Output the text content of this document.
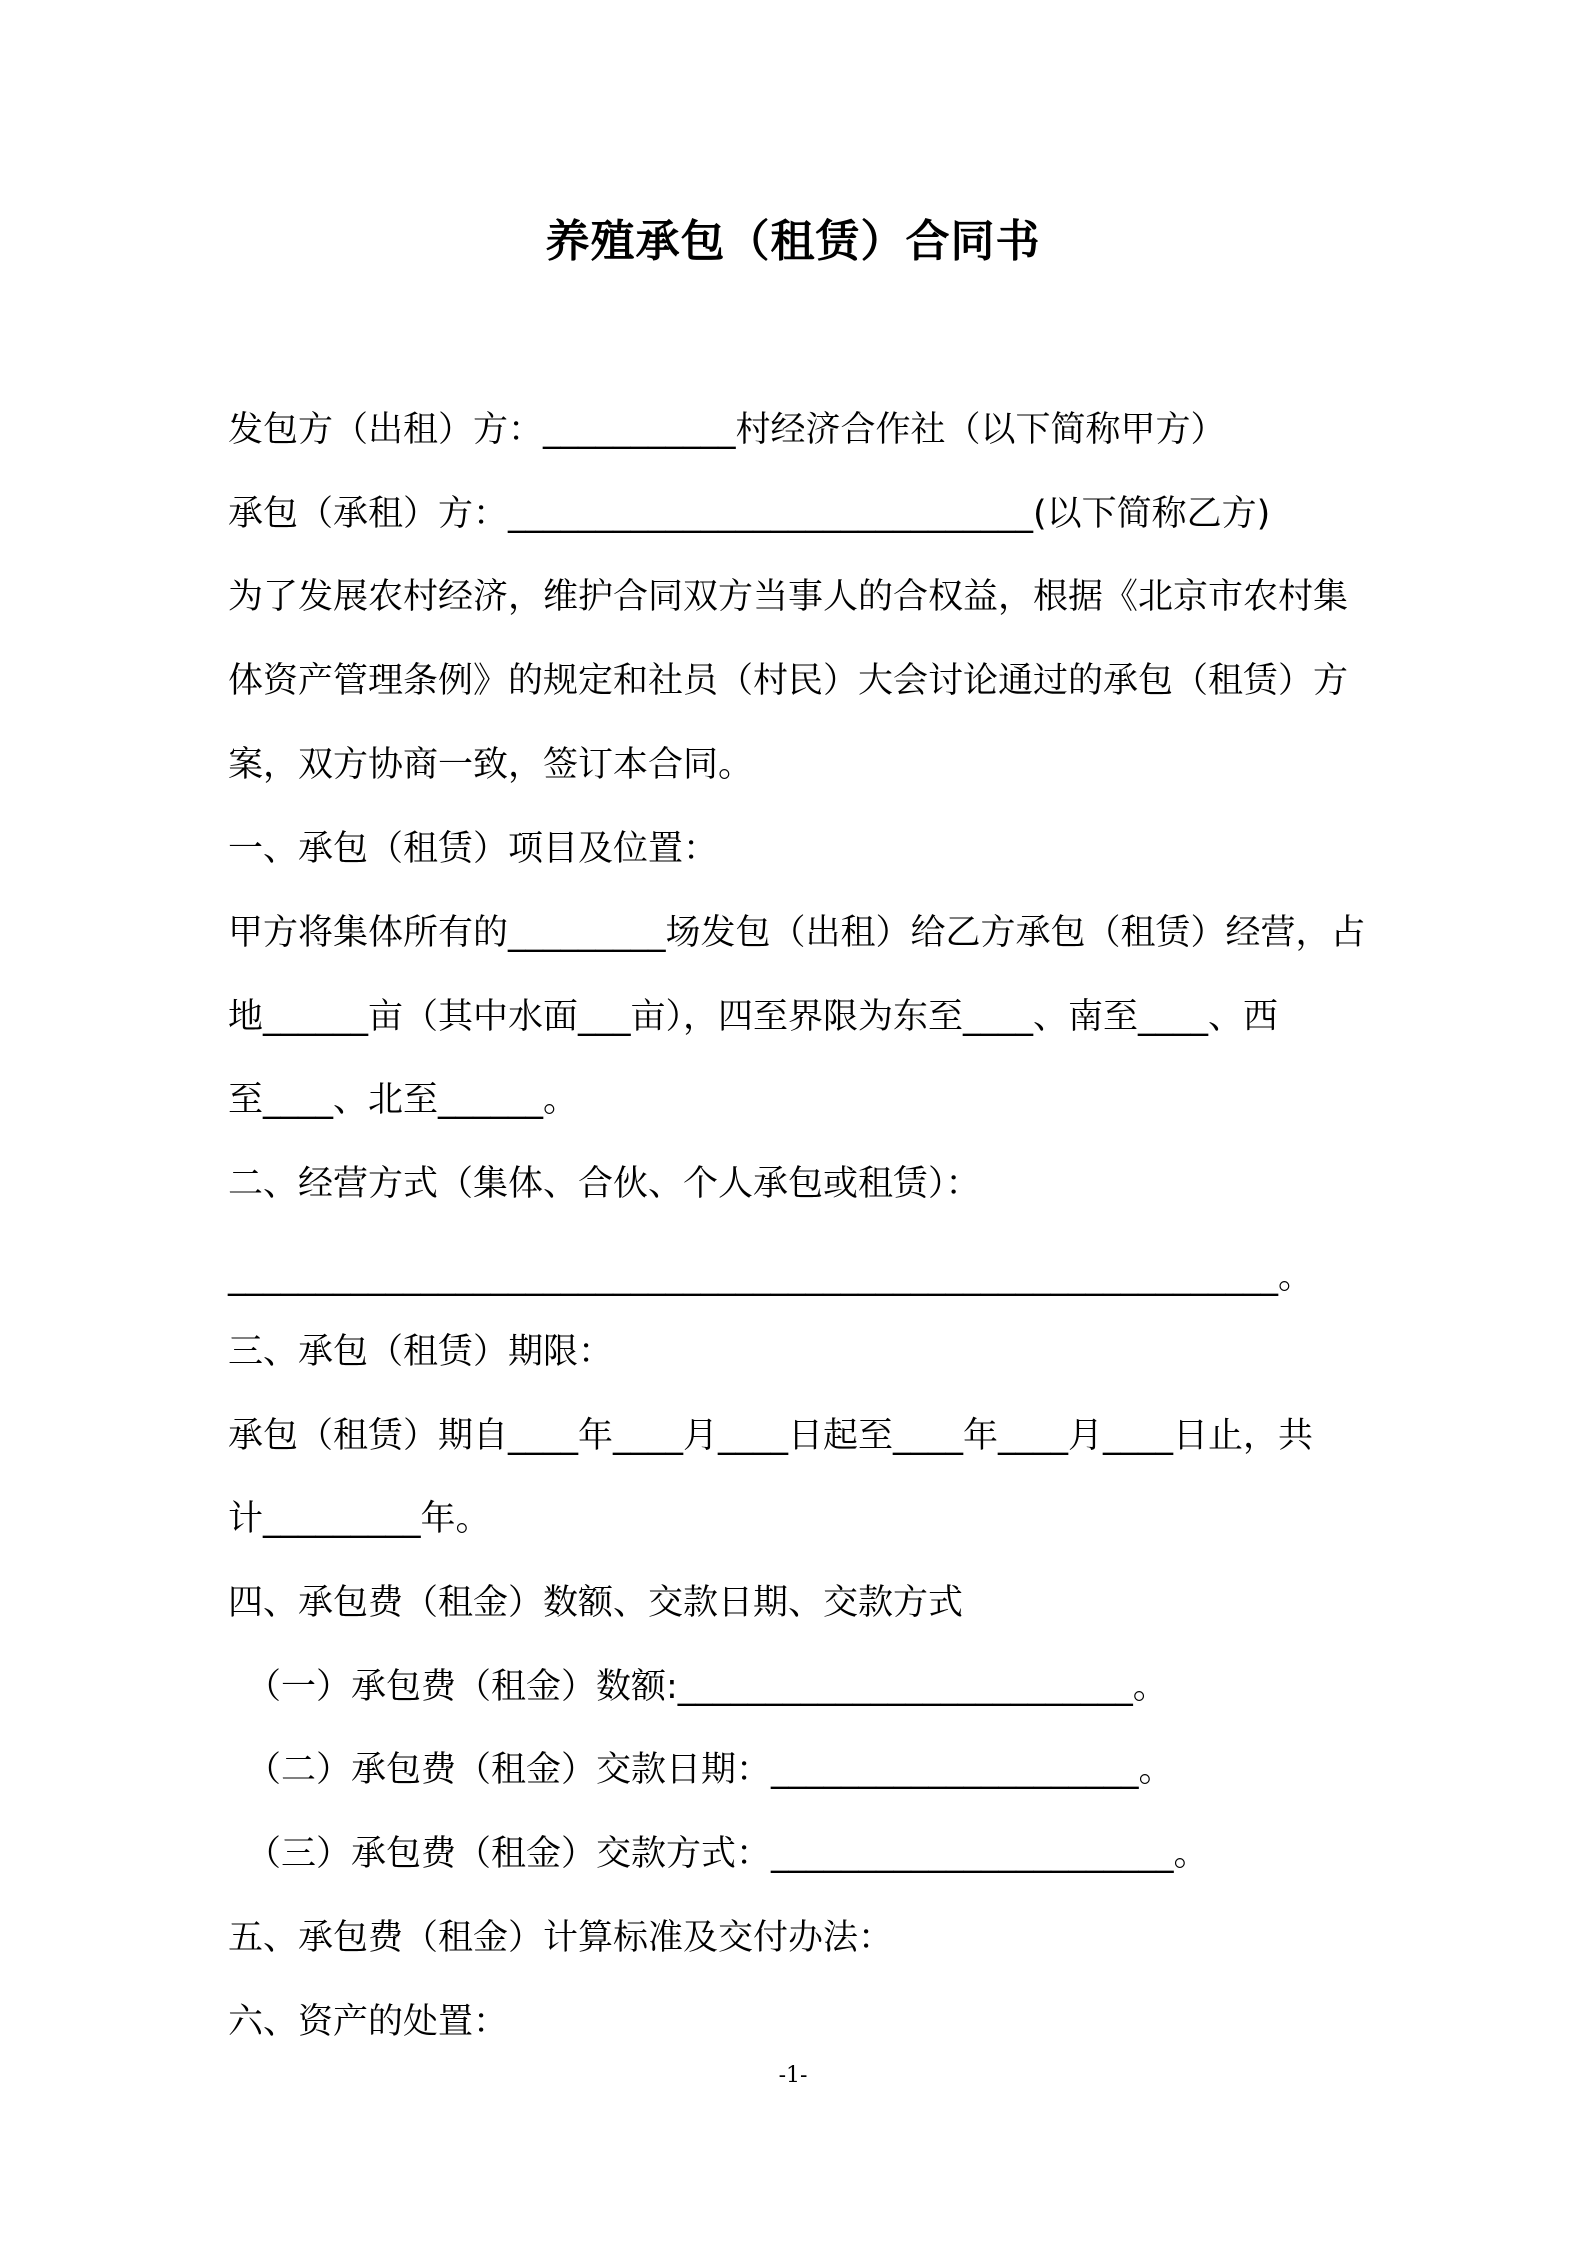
养殖承包（租赁）合同书
发包方（出租）方：___________村经济合作社（以下简称甲方）
承包（承租）方：______________________________(以下简称乙方)
为了发展农村经济，维护合同双方当事人的合权益，根据《北京市农村集
体资产管理条例》的规定和社员（村民）大会讨论通过的承包（租赁）方
案，双方协商一致，签订本合同。
一、承包（租赁）项目及位置：
甲方将集体所有的_________场发包（出租）给乙方承包（租赁）经营，占
地______亩（其中水面___亩），四至界限为东至____、南至____、西
至____、北至______。
二、经营方式（集体、合伙、个人承包或租赁）：
____________________________________________________________。
三、承包（租赁）期限：
承包（租赁）期自____年____月____日起至____年____月____日止，共
计_________年。
四、承包费（租金）数额、交款日期、交款方式
（一）承包费（租金）数额:__________________________。
（二）承包费（租金）交款日期：_____________________。
（三）承包费（租金）交款方式：_______________________。
五、承包费（租金）计算标准及交付办法：
六、资产的处置：
-1-
